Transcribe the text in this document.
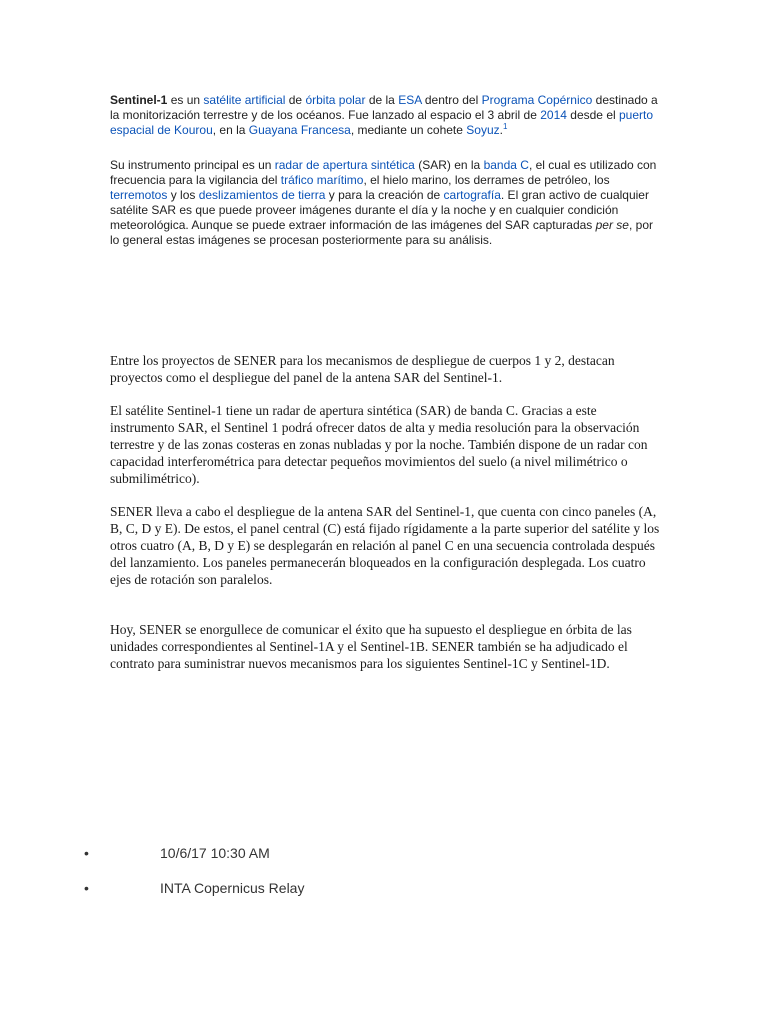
Sentinel-1 es un satélite artificial de órbita polar de la ESA dentro del Programa Copérnico destinado a la monitorización terrestre y de los océanos. Fue lanzado al espacio el 3 abril de 2014 desde el puerto espacial de Kourou, en la Guayana Francesa, mediante un cohete Soyuz.$^1$
Su instrumento principal es un radar de apertura sintética (SAR) en la banda C, el cual es utilizado con frecuencia para la vigilancia del tráfico marítimo, el hielo marino, los derrames de petróleo, los terremotos y los deslizamientos de tierra y para la creación de cartografía. El gran activo de cualquier satélite SAR es que puede proveer imágenes durante el día y la noche y en cualquier condición meteorológica. Aunque se puede extraer información de las imágenes del SAR capturadas per se, por lo general estas imágenes se procesan posteriormente para su análisis.
Entre los proyectos de SENER para los mecanismos de despliegue de cuerpos 1 y 2, destacan proyectos como el despliegue del panel de la antena SAR del Sentinel-1.
El satélite Sentinel-1 tiene un radar de apertura sintética (SAR) de banda C. Gracias a este instrumento SAR, el Sentinel 1 podrá ofrecer datos de alta y media resolución para la observación terrestre y de las zonas costeras en zonas nubladas y por la noche. También dispone de un radar con capacidad interferométrica para detectar pequeños movimientos del suelo (a nivel milimétrico o submilimétrico).
SENER lleva a cabo el despliegue de la antena SAR del Sentinel-1, que cuenta con cinco paneles (A, B, C, D y E). De estos, el panel central (C) está fijado rígidamente a la parte superior del satélite y los otros cuatro (A, B, D y E) se desplegarán en relación al panel C en una secuencia controlada después del lanzamiento. Los paneles permanecerán bloqueados en la configuración desplegada. Los cuatro ejes de rotación son paralelos.
Hoy, SENER se enorgullece de comunicar el éxito que ha supuesto el despliegue en órbita de las unidades correspondientes al Sentinel-1A y el Sentinel-1B. SENER también se ha adjudicado el contrato para suministrar nuevos mecanismos para los siguientes Sentinel-1C y Sentinel-1D.
•	10/6/17 10:30 AM
•	INTA Copernicus Relay
